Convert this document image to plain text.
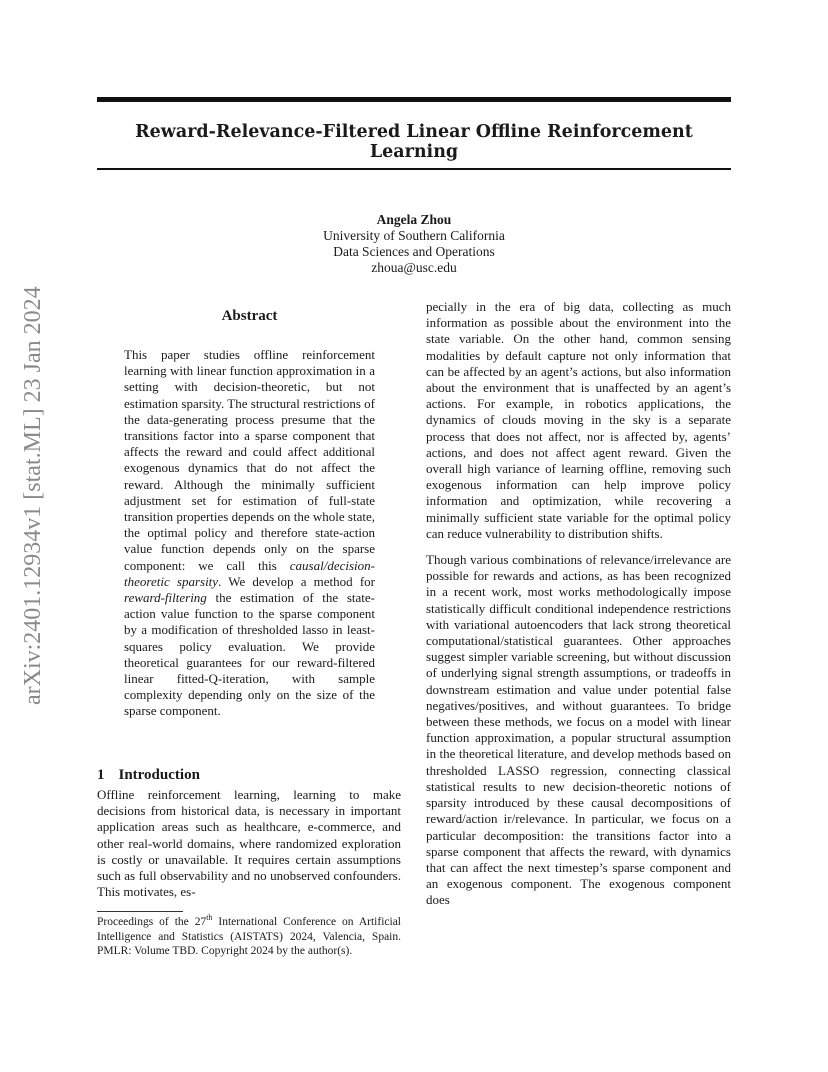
Reward-Relevance-Filtered Linear Offline Reinforcement Learning
Angela Zhou
University of Southern California
Data Sciences and Operations
zhoua@usc.edu
arXiv:2401.12934v1 [stat.ML] 23 Jan 2024	Abstract

This paper studies offline reinforcement learning with linear function approximation in a setting with decision-theoretic, but not estimation sparsity. The structural restrictions of the data-generating process presume that the transitions factor into a sparse component that affects the reward and could affect additional exogenous dynamics that do not affect the reward. Although the minimally sufficient adjustment set for estimation of full-state transition properties depends on the whole state, the optimal policy and therefore state-action value function depends only on the sparse component: we call this causal/decision-theoretic sparsity. We develop a method for reward-filtering the estimation of the state-action value function to the sparse component by a modification of thresholded lasso in least-squares policy evaluation. We provide theoretical guarantees for our reward-filtered linear fitted-Q-iteration, with sample complexity depending only on the size of the sparse component.

1 Introduction

Offline reinforcement learning, learning to make decisions from historical data, is necessary in important application areas such as healthcare, e-commerce, and other real-world domains, where randomized exploration is costly or unavailable. It requires certain assumptions such as full observability and no unobserved confounders. This motivates, es-

Proceedings of the 27th International Conference on Artificial Intelligence and Statistics (AISTATS) 2024, Valencia, Spain. PMLR: Volume TBD. Copyright 2024 by the author(s).

pecially in the era of big data, collecting as much information as possible about the environment into the state variable. On the other hand, common sensing modalities by default capture not only information that can be affected by an agent’s actions, but also information about the environment that is unaffected by an agent’s actions. For example, in robotics applications, the dynamics of clouds moving in the sky is a separate process that does not affect, nor is affected by, agents’ actions, and does not affect agent reward. Given the overall high variance of learning offline, removing such exogenous information can help improve policy information and optimization, while recovering a minimally sufficient state variable for the optimal policy can reduce vulnerability to distribution shifts.

Though various combinations of relevance/irrelevance are possible for rewards and actions, as has been recognized in a recent work, most works methodologically impose statistically difficult conditional independence restrictions with variational autoencoders that lack strong theoretical computational/statistical guarantees. Other approaches suggest simpler variable screening, but without discussion of underlying signal strength assumptions, or tradeoffs in downstream estimation and value under potential false negatives/positives, and without guarantees. To bridge between these methods, we focus on a model with linear function approximation, a popular structural assumption in the theoretical literature, and develop methods based on thresholded LASSO regression, connecting classical statistical results to new decision-theoretic notions of sparsity introduced by these causal decompositions of reward/action ir/relevance. In particular, we focus on a particular decomposition: the transitions factor into a sparse component that affects the reward, with dynamics that can affect the next timestep’s sparse component and an exogenous component. The exogenous component does
